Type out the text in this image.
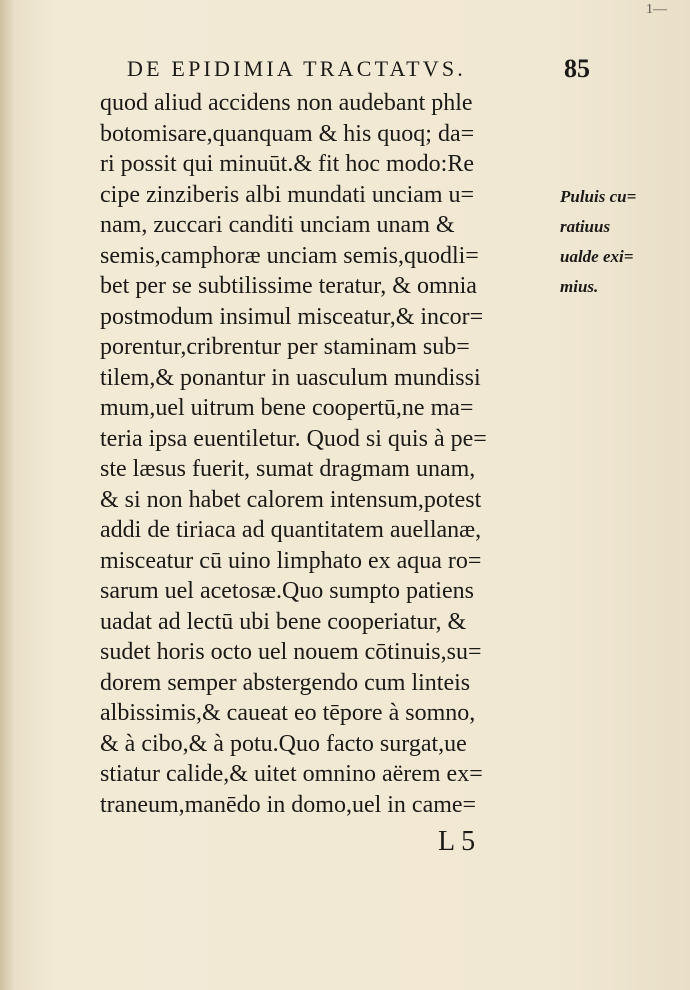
1—
DE EPIDIMIA TRACTATVS.	85
quod aliud accidens non audebant phle
botomisare,quanquam & his quoq; da=
ri possit qui minuūt.& fit hoc modo:Re
cipe zinziberis albi mundati unciam u=
nam, zuccari canditi unciam unam &
semis,camphoræ unciam semis,quodli=
bet per se subtilissime teratur, & omnia
postmodum insimul misceatur,& incor=
porentur,cribrentur per staminam sub=
tilem,& ponantur in uasculum mundissi
mum,uel uitrum bene coopertū,ne ma=
teria ipsa euentiletur. Quod si quis à pe=
ste læsus fuerit, sumat dragmam unam,
& si non habet calorem intensum,potest
addi de tiriaca ad quantitatem auellanæ,
misceatur cū uino limphato ex aqua ro=
sarum uel acetosæ.Quo sumpto patiens
uadat ad lectū ubi bene cooperiatur, &
sudet horis octo uel nouem cōtinuis,su=
dorem semper abstergendo cum linteis
albissimis,& caueat eo tēpore à somno,
& à cibo,& à potu.Quo facto surgat,ue
stiatur calide,& uitet omnino aërem ex=
traneum,manēdo in domo,uel in came=
Puluis cu=
ratiuus
ualde exi=
mius.
L 5
